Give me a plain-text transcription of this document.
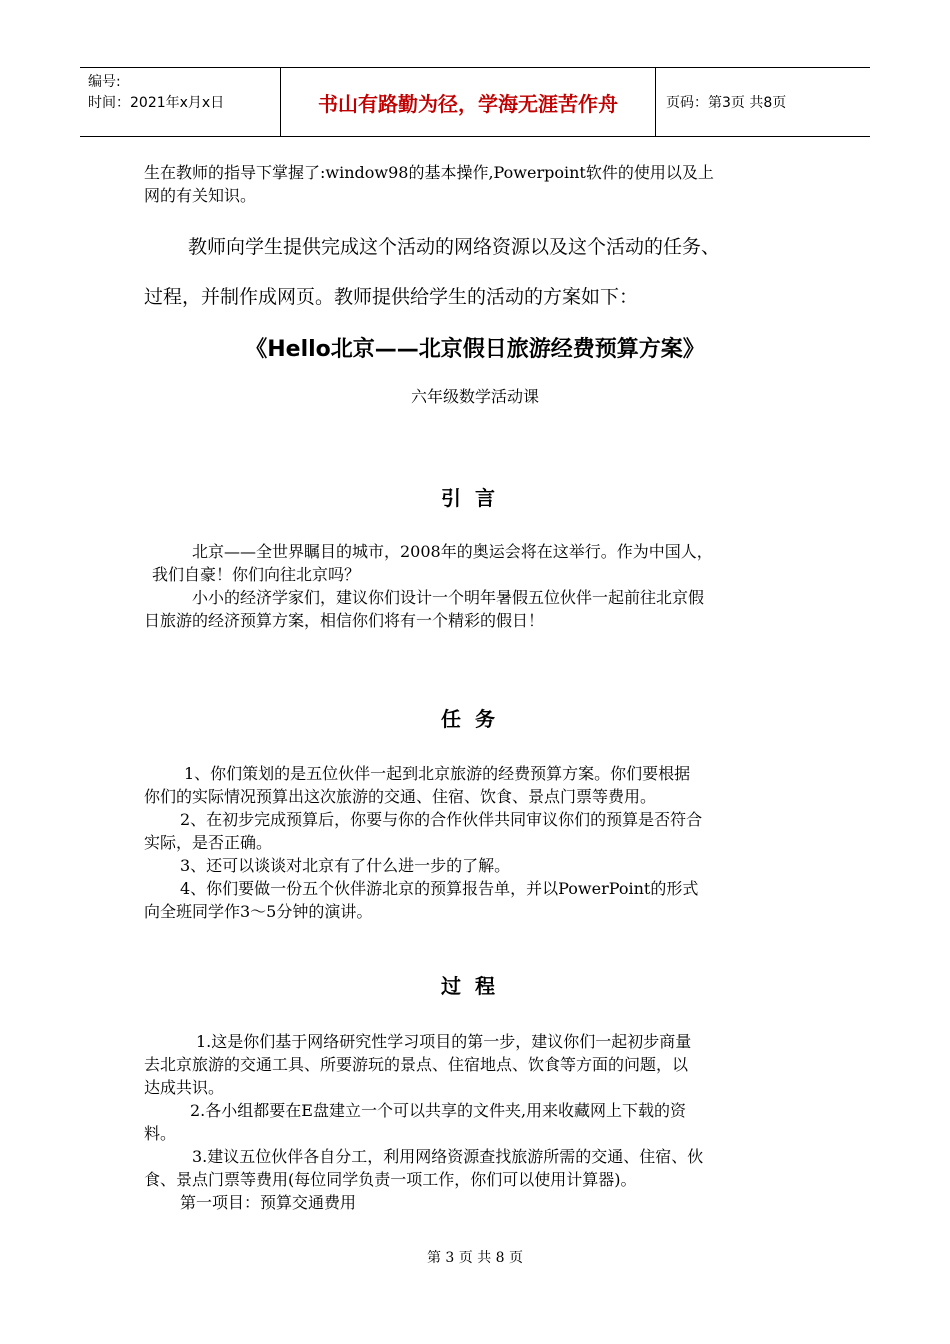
编号:
时间：2021年x月x日	书山有路勤为径，学海无涯苦作舟	页码：第3页 共8页
生在教师的指导下掌握了:window98的基本操作,Powerpoint软件的使用以及上
网的有关知识。
教师向学生提供完成这个活动的网络资源以及这个活动的任务、
过程，并制作成网页。教师提供给学生的活动的方案如下：
《Hello北京——北京假日旅游经费预算方案》
六年级数学活动课
引言
北京——全世界瞩目的城市，2008年的奥运会将在这举行。作为中国人，
我们自豪！你们向往北京吗？
小小的经济学家们，建议你们设计一个明年暑假五位伙伴一起前往北京假
日旅游的经济预算方案，相信你们将有一个精彩的假日！
任务
1、你们策划的是五位伙伴一起到北京旅游的经费预算方案。你们要根据
你们的实际情况预算出这次旅游的交通、住宿、饮食、景点门票等费用。
2、在初步完成预算后，你要与你的合作伙伴共同审议你们的预算是否符合
实际，是否正确。
3、还可以谈谈对北京有了什么进一步的了解。
4、你们要做一份五个伙伴游北京的预算报告单，并以PowerPoint的形式
向全班同学作3～5分钟的演讲。
过程
1.这是你们基于网络研究性学习项目的第一步，建议你们一起初步商量
去北京旅游的交通工具、所要游玩的景点、住宿地点、饮食等方面的问题，以
达成共识。
2.各小组都要在E盘建立一个可以共享的文件夹,用来收藏网上下载的资
料。
3.建议五位伙伴各自分工，利用网络资源查找旅游所需的交通、住宿、伙
食、景点门票等费用(每位同学负责一项工作，你们可以使用计算器)。
第一项目：预算交通费用
第 3 页 共 8 页
